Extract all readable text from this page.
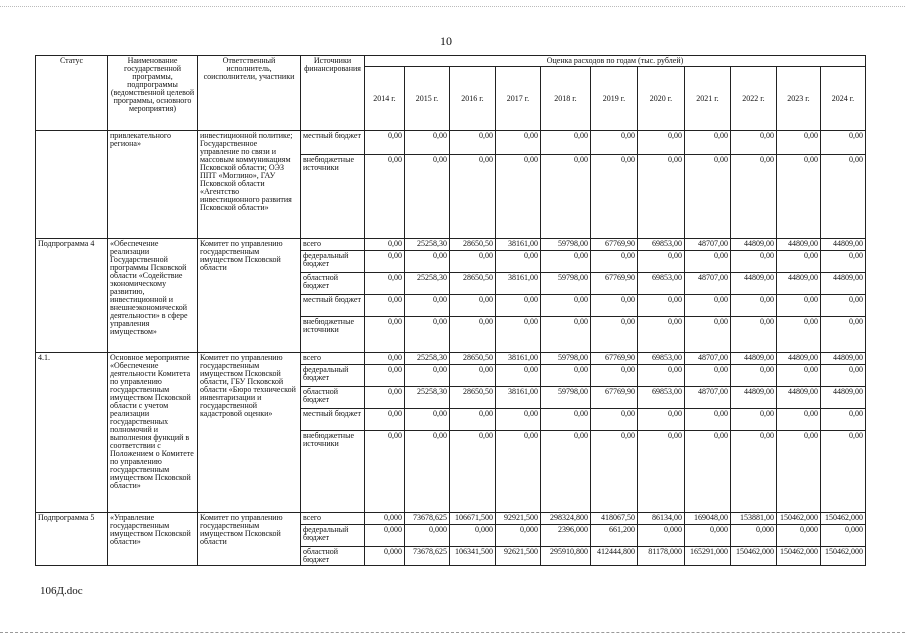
10
Статус	Наименование государственной программы, подпрограммы (ведомственной целевой программы, основного мероприятия)	Ответственный исполнитель, соисполнители, участники	Источники финансирования	Оценка расходов по годам (тыс. рублей)										
				2014 г.	2015 г.	2016 г.	2017 г.	2018 г.	2019 г.	2020 г.	2021 г.	2022 г.	2023 г.	2024 г.
	привлекательного региона»	инвестиционной политике; Государственное управление по связи и массовым коммуникациям Псковской области; ОЭЗ ППТ «Моглино», ГАУ Псковской области «Агентство инвестиционного развития Псковской области»	местный бюджет	0,00	0,00	0,00	0,00	0,00	0,00	0,00	0,00	0,00	0,00	0,00
			внебюджетные источники	0,00	0,00	0,00	0,00	0,00	0,00	0,00	0,00	0,00	0,00	0,00
Подпрограмма 4	«Обеспечение реализации Государственной программы Псковской области «Содействие экономическому развитию, инвестиционной и внешнеэкономической деятельности» в сфере управления имуществом»	Комитет по управлению государственным имуществом Псковской области	всего	0,00	25258,30	28650,50	38161,00	59798,00	67769,90	69853,00	48707,00	44809,00	44809,00	44809,00
			федеральный бюджет	0,00	0,00	0,00	0,00	0,00	0,00	0,00	0,00	0,00	0,00	0,00
			областной бюджет	0,00	25258,30	28650,50	38161,00	59798,00	67769,90	69853,00	48707,00	44809,00	44809,00	44809,00
			местный бюджет	0,00	0,00	0,00	0,00	0,00	0,00	0,00	0,00	0,00	0,00	0,00
			внебюджетные источники	0,00	0,00	0,00	0,00	0,00	0,00	0,00	0,00	0,00	0,00	0,00
4.1.	Основное мероприятие «Обеспечение деятельности Комитета по управлению государственным имуществом Псковской области с учетом реализации государственных полномочий и выполнения функций в соответствии с Положением о Комитете по управлению государственным имуществом Псковской области»	Комитет по управлению государственным имуществом Псковской области, ГБУ Псковской области «Бюро технической инвентаризации и государственной кадастровой оценки»	всего	0,00	25258,30	28650,50	38161,00	59798,00	67769,90	69853,00	48707,00	44809,00	44809,00	44809,00
			федеральный бюджет	0,00	0,00	0,00	0,00	0,00	0,00	0,00	0,00	0,00	0,00	0,00
			областной бюджет	0,00	25258,30	28650,50	38161,00	59798,00	67769,90	69853,00	48707,00	44809,00	44809,00	44809,00
			местный бюджет	0,00	0,00	0,00	0,00	0,00	0,00	0,00	0,00	0,00	0,00	0,00
			внебюджетные источники	0,00	0,00	0,00	0,00	0,00	0,00	0,00	0,00	0,00	0,00	0,00
Подпрограмма 5	«Управление государственным имуществом Псковской области»	Комитет по управлению государственным имуществом Псковской области	всего	0,000	73678,625	106671,500	92921,500	298324,800	418067,50	86134,00	169048,00	153881,00	150462,000	150462,000
			федеральный бюджет	0,000	0,000	0,000	0,000	2396,000	661,200	0,000	0,000	0,000	0,000	0,000
			областной бюджет	0,000	73678,625	106341,500	92621,500	295910,800	412444,800	81178,000	165291,000	150462,000	150462,000	150462,000
106Д.doc
